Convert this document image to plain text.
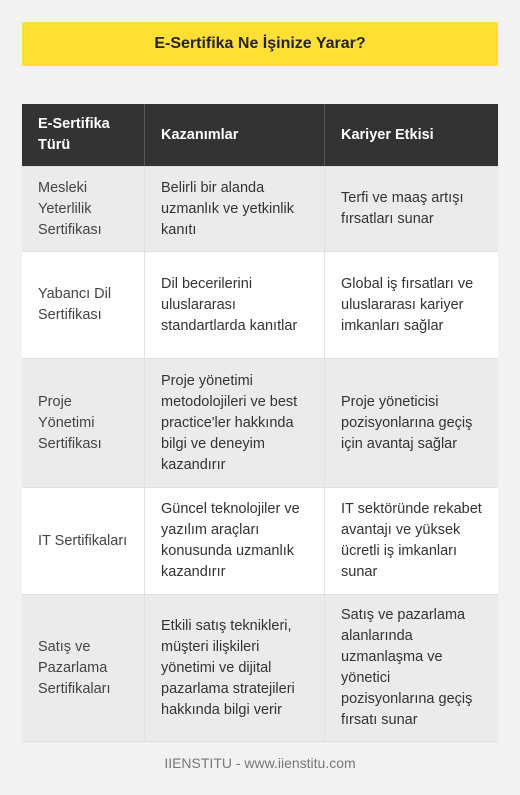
E-Sertifika Ne İşinize Yarar?
E-Sertifika Türü
Kazanımlar	Kariyer Etkisi
Mesleki Yeterlilik Sertifikası
Belirli bir alanda uzmanlık ve yetkinlik kanıtı
Terfi ve maaş artışı fırsatları sunar
Yabancı Dil Sertifikası
Dil becerilerini uluslararası standartlarda kanıtlar
Global iş fırsatları ve uluslararası kariyer imkanları sağlar
Proje Yönetimi Sertifikası
Proje yönetimi metodolojileri ve best practice'ler hakkında bilgi ve deneyim kazandırır
Proje yöneticisi pozisyonlarına geçiş için avantaj sağlar
IT Sertifikaları
Güncel teknolojiler ve yazılım araçları konusunda uzmanlık kazandırır
IT sektöründe rekabet avantajı ve yüksek ücretli iş imkanları sunar
Satış ve Pazarlama Sertifikaları
Etkili satış teknikleri, müşteri ilişkileri yönetimi ve dijital pazarlama stratejileri hakkında bilgi verir
Satış ve pazarlama alanlarında uzmanlaşma ve yönetici pozisyonlarına geçiş fırsatı sunar
IIENSTITU - www.iienstitu.com
